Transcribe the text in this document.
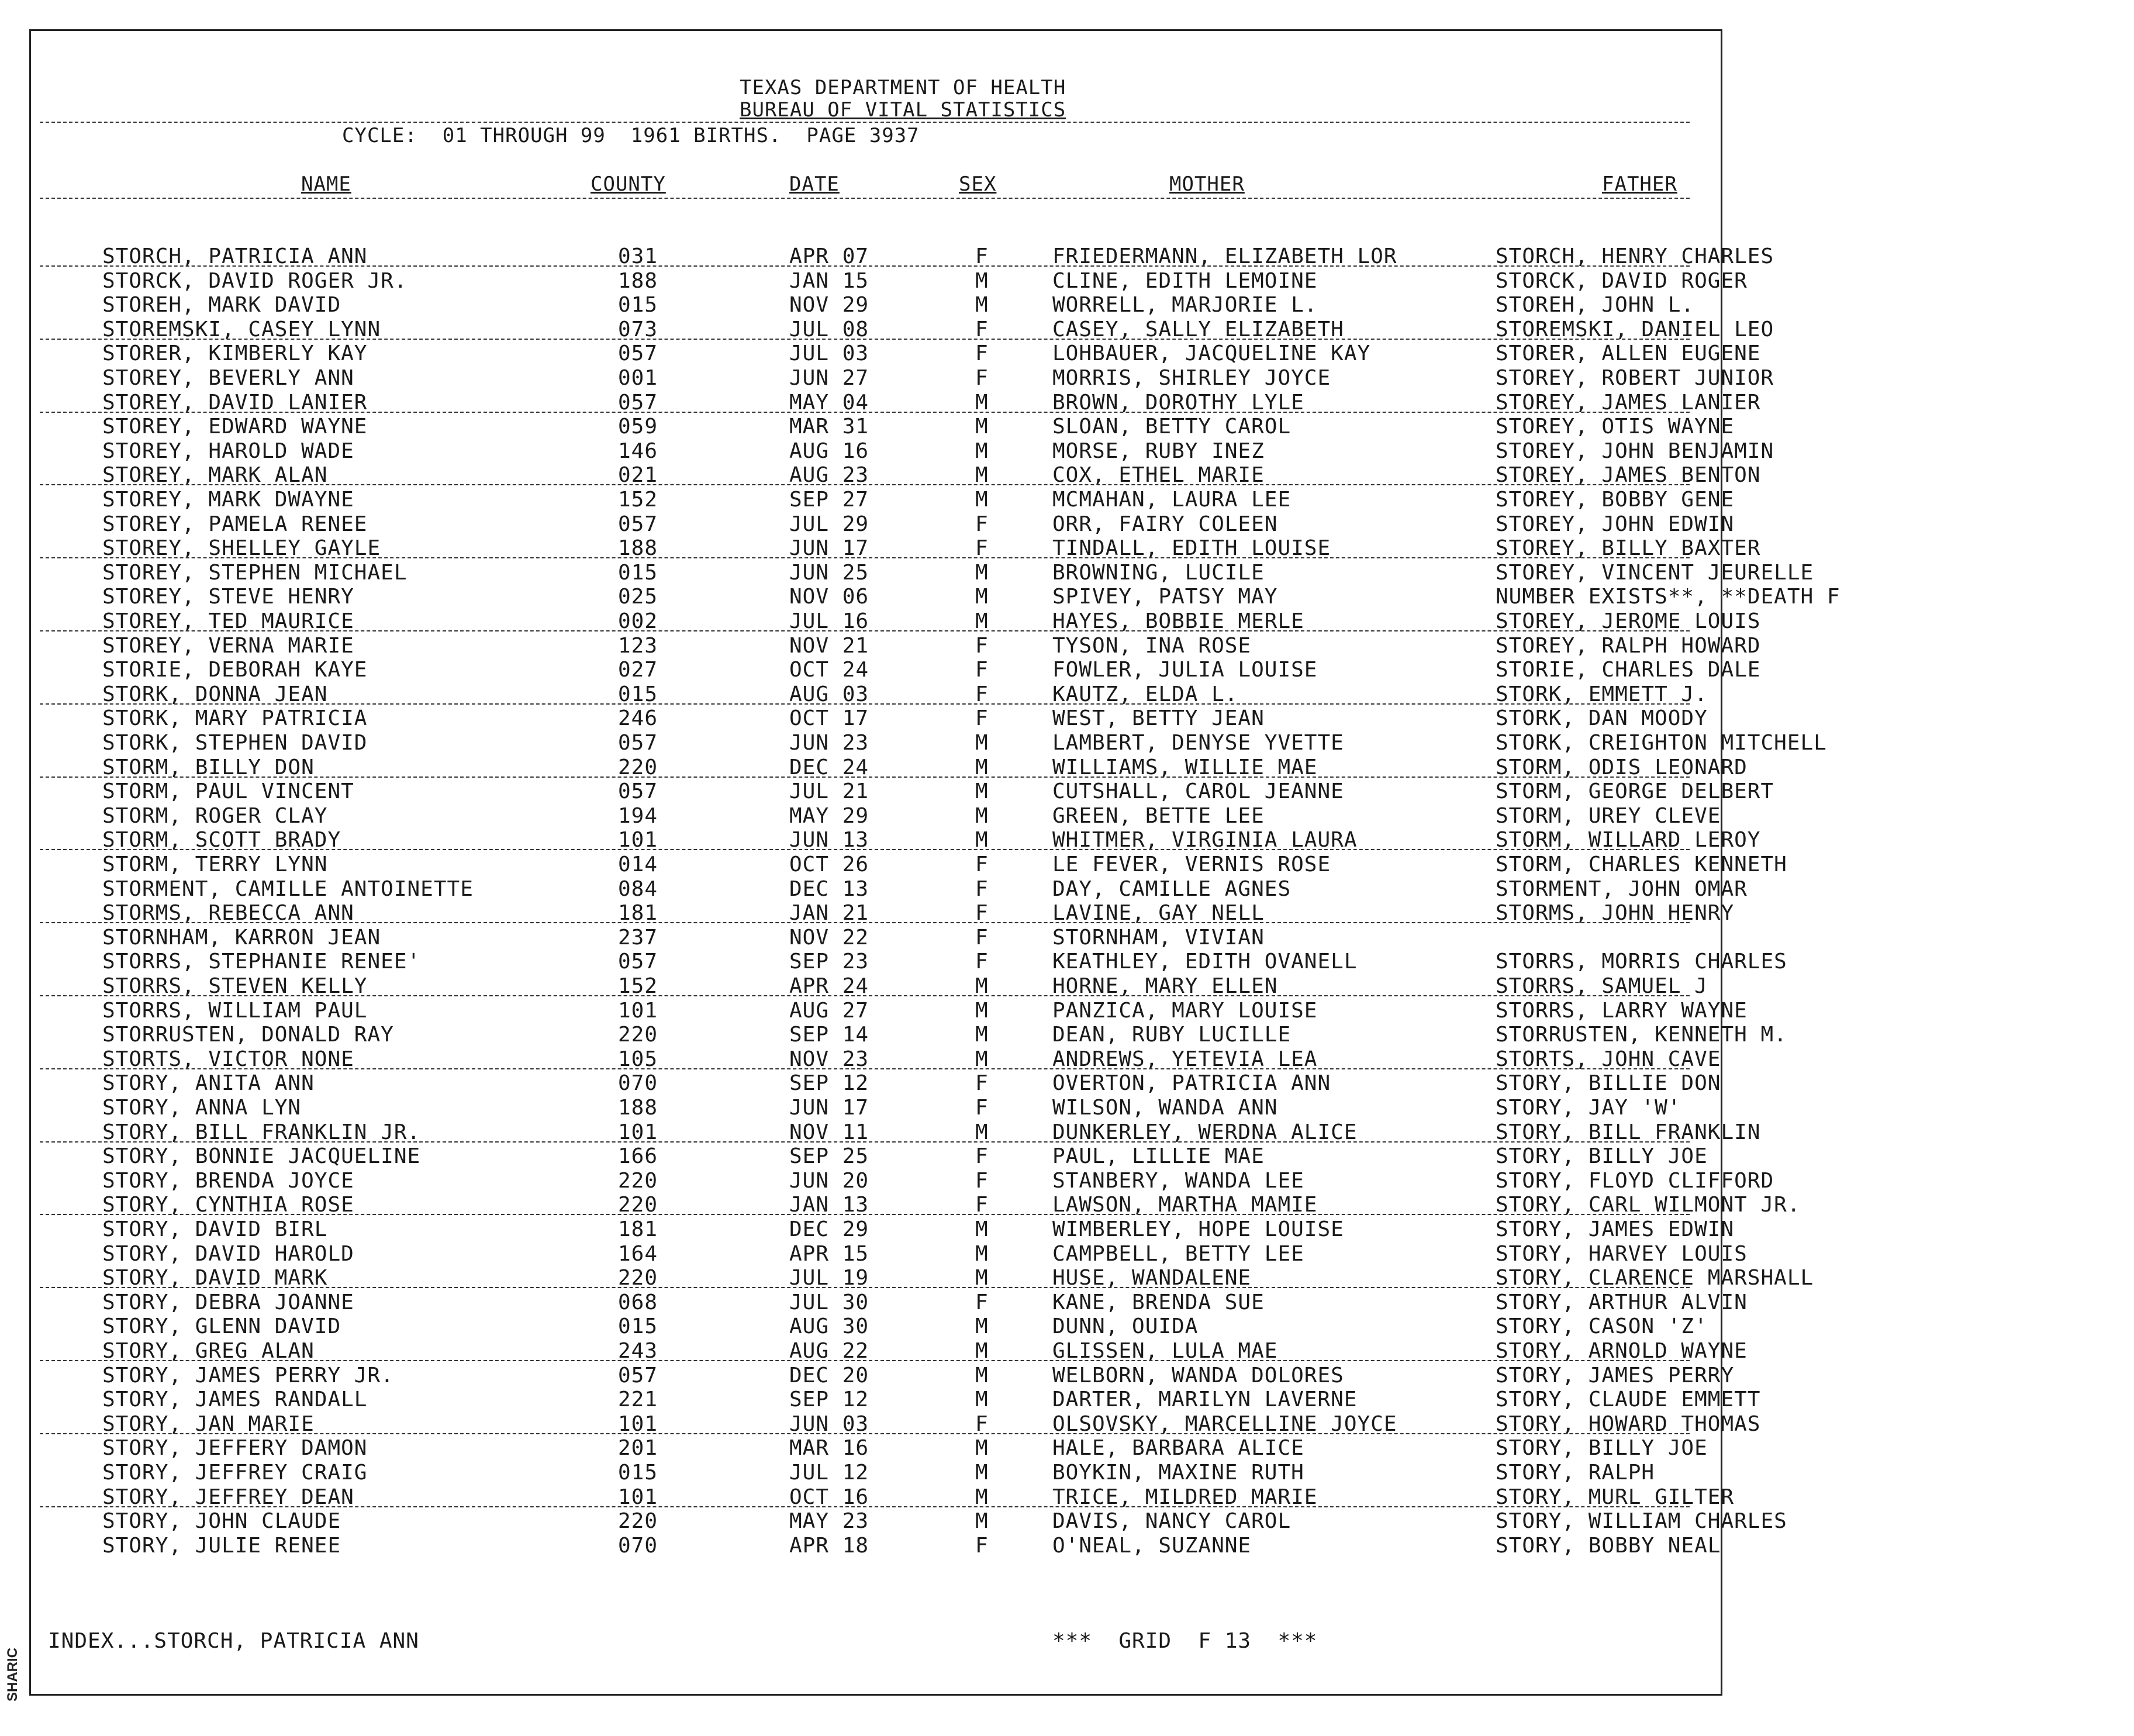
SHARIC
TEXAS DEPARTMENT OF HEALTH
BUREAU OF VITAL STATISTICS
CYCLE:  01 THROUGH 99  1961 BIRTHS.  PAGE 3937
NAME	COUNTY	DATE	SEX	MOTHER	FATHER
STORCH, PATRICIA ANN	031	APR 07	F	FRIEDERMANN, ELIZABETH LOR	STORCH, HENRY CHARLES
STORCK, DAVID ROGER JR.	188	JAN 15	M	CLINE, EDITH LEMOINE	STORCK, DAVID ROGER
STOREH, MARK DAVID	015	NOV 29	M	WORRELL, MARJORIE L.	STOREH, JOHN L.
STOREMSKI, CASEY LYNN	073	JUL 08	F	CASEY, SALLY ELIZABETH	STOREMSKI, DANIEL LEO
STORER, KIMBERLY KAY	057	JUL 03	F	LOHBAUER, JACQUELINE KAY	STORER, ALLEN EUGENE
STOREY, BEVERLY ANN	001	JUN 27	F	MORRIS, SHIRLEY JOYCE	STOREY, ROBERT JUNIOR
STOREY, DAVID LANIER	057	MAY 04	M	BROWN, DOROTHY LYLE	STOREY, JAMES LANIER
STOREY, EDWARD WAYNE	059	MAR 31	M	SLOAN, BETTY CAROL	STOREY, OTIS WAYNE
STOREY, HAROLD WADE	146	AUG 16	M	MORSE, RUBY INEZ	STOREY, JOHN BENJAMIN
STOREY, MARK ALAN	021	AUG 23	M	COX, ETHEL MARIE	STOREY, JAMES BENTON
STOREY, MARK DWAYNE	152	SEP 27	M	MCMAHAN, LAURA LEE	STOREY, BOBBY GENE
STOREY, PAMELA RENEE	057	JUL 29	F	ORR, FAIRY COLEEN	STOREY, JOHN EDWIN
STOREY, SHELLEY GAYLE	188	JUN 17	F	TINDALL, EDITH LOUISE	STOREY, BILLY BAXTER
STOREY, STEPHEN MICHAEL	015	JUN 25	M	BROWNING, LUCILE	STOREY, VINCENT JEURELLE
STOREY, STEVE HENRY	025	NOV 06	M	SPIVEY, PATSY MAY	NUMBER EXISTS**, **DEATH F
STOREY, TED MAURICE	002	JUL 16	M	HAYES, BOBBIE MERLE	STOREY, JEROME LOUIS
STOREY, VERNA MARIE	123	NOV 21	F	TYSON, INA ROSE	STOREY, RALPH HOWARD
STORIE, DEBORAH KAYE	027	OCT 24	F	FOWLER, JULIA LOUISE	STORIE, CHARLES DALE
STORK, DONNA JEAN	015	AUG 03	F	KAUTZ, ELDA L.	STORK, EMMETT J.
STORK, MARY PATRICIA	246	OCT 17	F	WEST, BETTY JEAN	STORK, DAN MOODY
STORK, STEPHEN DAVID	057	JUN 23	M	LAMBERT, DENYSE YVETTE	STORK, CREIGHTON MITCHELL
STORM, BILLY DON	220	DEC 24	M	WILLIAMS, WILLIE MAE	STORM, ODIS LEONARD
STORM, PAUL VINCENT	057	JUL 21	M	CUTSHALL, CAROL JEANNE	STORM, GEORGE DELBERT
STORM, ROGER CLAY	194	MAY 29	M	GREEN, BETTE LEE	STORM, UREY CLEVE
STORM, SCOTT BRADY	101	JUN 13	M	WHITMER, VIRGINIA LAURA	STORM, WILLARD LEROY
STORM, TERRY LYNN	014	OCT 26	F	LE FEVER, VERNIS ROSE	STORM, CHARLES KENNETH
STORMENT, CAMILLE ANTOINETTE	084	DEC 13	F	DAY, CAMILLE AGNES	STORMENT, JOHN OMAR
STORMS, REBECCA ANN	181	JAN 21	F	LAVINE, GAY NELL	STORMS, JOHN HENRY
STORNHAM, KARRON JEAN	237	NOV 22	F	STORNHAM, VIVIAN
STORRS, STEPHANIE RENEE'	057	SEP 23	F	KEATHLEY, EDITH OVANELL	STORRS, MORRIS CHARLES
STORRS, STEVEN KELLY	152	APR 24	M	HORNE, MARY ELLEN	STORRS, SAMUEL J
STORRS, WILLIAM PAUL	101	AUG 27	M	PANZICA, MARY LOUISE	STORRS, LARRY WAYNE
STORRUSTEN, DONALD RAY	220	SEP 14	M	DEAN, RUBY LUCILLE	STORRUSTEN, KENNETH M.
STORTS, VICTOR NONE	105	NOV 23	M	ANDREWS, YETEVIA LEA	STORTS, JOHN CAVE
STORY, ANITA ANN	070	SEP 12	F	OVERTON, PATRICIA ANN	STORY, BILLIE DON
STORY, ANNA LYN	188	JUN 17	F	WILSON, WANDA ANN	STORY, JAY 'W'
STORY, BILL FRANKLIN JR.	101	NOV 11	M	DUNKERLEY, WERDNA ALICE	STORY, BILL FRANKLIN
STORY, BONNIE JACQUELINE	166	SEP 25	F	PAUL, LILLIE MAE	STORY, BILLY JOE
STORY, BRENDA JOYCE	220	JUN 20	F	STANBERY, WANDA LEE	STORY, FLOYD CLIFFORD
STORY, CYNTHIA ROSE	220	JAN 13	F	LAWSON, MARTHA MAMIE	STORY, CARL WILMONT JR.
STORY, DAVID BIRL	181	DEC 29	M	WIMBERLEY, HOPE LOUISE	STORY, JAMES EDWIN
STORY, DAVID HAROLD	164	APR 15	M	CAMPBELL, BETTY LEE	STORY, HARVEY LOUIS
STORY, DAVID MARK	220	JUL 19	M	HUSE, WANDALENE	STORY, CLARENCE MARSHALL
STORY, DEBRA JOANNE	068	JUL 30	F	KANE, BRENDA SUE	STORY, ARTHUR ALVIN
STORY, GLENN DAVID	015	AUG 30	M	DUNN, OUIDA	STORY, CASON 'Z'
STORY, GREG ALAN	243	AUG 22	M	GLISSEN, LULA MAE	STORY, ARNOLD WAYNE
STORY, JAMES PERRY JR.	057	DEC 20	M	WELBORN, WANDA DOLORES	STORY, JAMES PERRY
STORY, JAMES RANDALL	221	SEP 12	M	DARTER, MARILYN LAVERNE	STORY, CLAUDE EMMETT
STORY, JAN MARIE	101	JUN 03	F	OLSOVSKY, MARCELLINE JOYCE	STORY, HOWARD THOMAS
STORY, JEFFERY DAMON	201	MAR 16	M	HALE, BARBARA ALICE	STORY, BILLY JOE
STORY, JEFFREY CRAIG	015	JUL 12	M	BOYKIN, MAXINE RUTH	STORY, RALPH
STORY, JEFFREY DEAN	101	OCT 16	M	TRICE, MILDRED MARIE	STORY, MURL GILTER
STORY, JOHN CLAUDE	220	MAY 23	M	DAVIS, NANCY CAROL	STORY, WILLIAM CHARLES
STORY, JULIE RENEE	070	APR 18	F	O'NEAL, SUZANNE	STORY, BOBBY NEAL
INDEX...STORCH, PATRICIA ANN	***  GRID  F 13  ***
